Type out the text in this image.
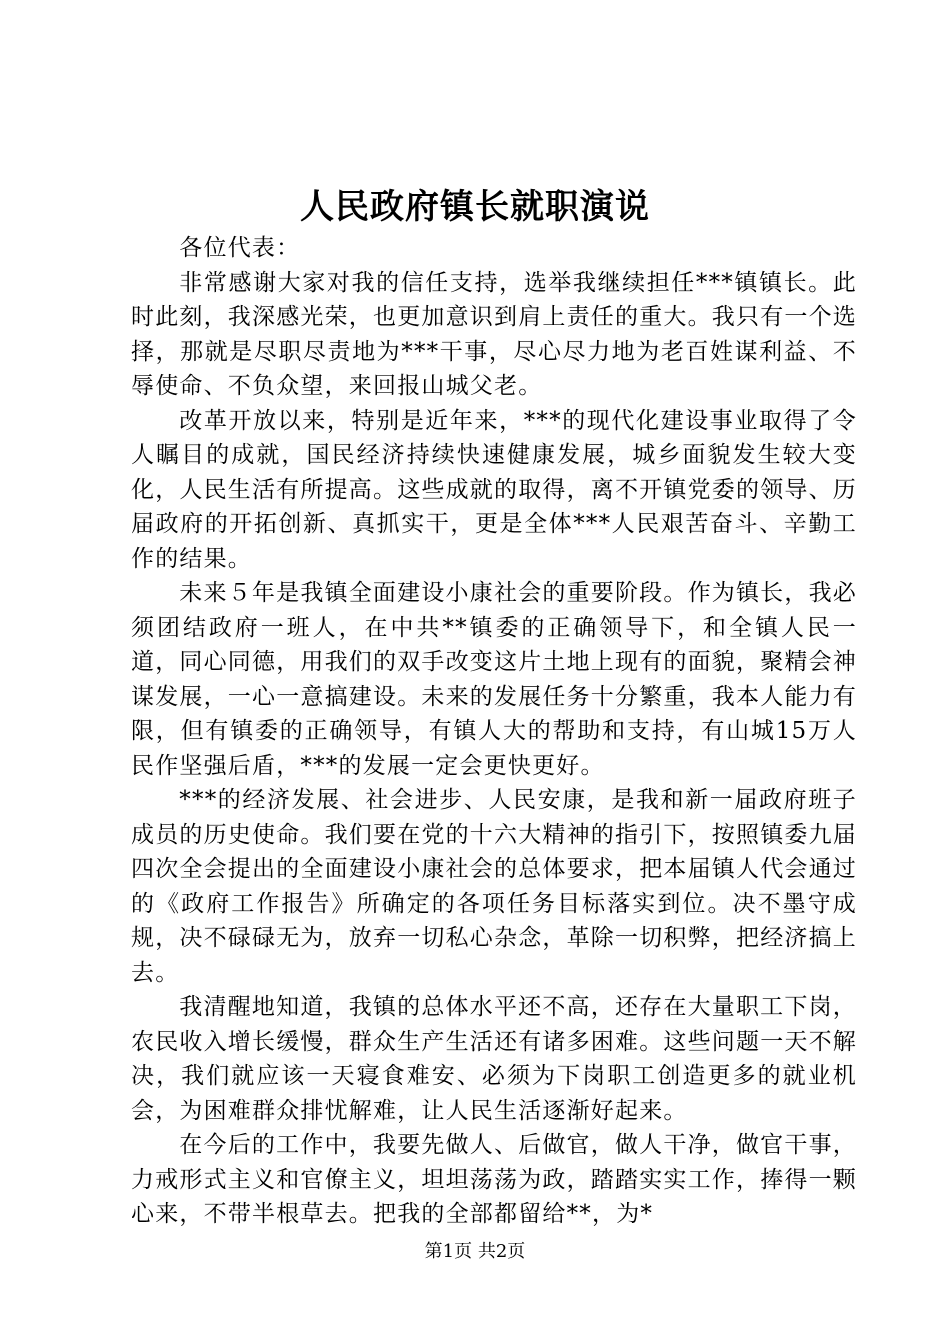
人民政府镇长就职演说

各位代表：

非常感谢大家对我的信任支持，选举我继续担任***镇镇长。此时此刻，我深感光荣，也更加意识到肩上责任的重大。我只有一个选择，那就是尽职尽责地为***干事，尽心尽力地为老百姓谋利益、不辱使命、不负众望，来回报山城父老。

改革开放以来，特别是近年来，***的现代化建设事业取得了令人瞩目的成就，国民经济持续快速健康发展，城乡面貌发生较大变化，人民生活有所提高。这些成就的取得，离不开镇党委的领导、历届政府的开拓创新、真抓实干，更是全体***人民艰苦奋斗、辛勤工作的结果。

未来５年是我镇全面建设小康社会的重要阶段。作为镇长，我必须团结政府一班人，在中共**镇委的正确领导下，和全镇人民一道，同心同德，用我们的双手改变这片土地上现有的面貌，聚精会神谋发展，一心一意搞建设。未来的发展任务十分繁重，我本人能力有限，但有镇委的正确领导，有镇人大的帮助和支持，有山城15万人民作坚强后盾，***的发展一定会更快更好。

***的经济发展、社会进步、人民安康，是我和新一届政府班子成员的历史使命。我们要在党的十六大精神的指引下，按照镇委九届四次全会提出的全面建设小康社会的总体要求，把本届镇人代会通过的《政府工作报告》所确定的各项任务目标落实到位。决不墨守成规，决不碌碌无为，放弃一切私心杂念，革除一切积弊，把经济搞上去。

我清醒地知道，我镇的总体水平还不高，还存在大量职工下岗，农民收入增长缓慢，群众生产生活还有诸多困难。这些问题一天不解决，我们就应该一天寝食难安、必须为下岗职工创造更多的就业机会，为困难群众排忧解难，让人民生活逐渐好起来。

在今后的工作中，我要先做人、后做官，做人干净，做官干事，力戒形式主义和官僚主义，坦坦荡荡为政，踏踏实实工作，捧得一颗心来，不带半根草去。把我的全部都留给**，为*

第1页 共2页
